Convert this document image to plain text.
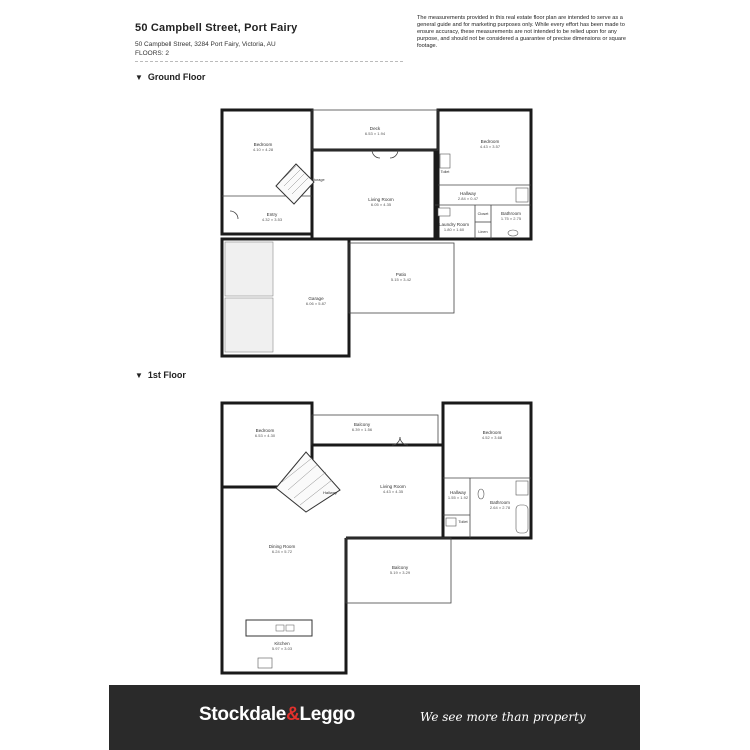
50 Campbell Street, Port Fairy
50 Campbell Street, 3284 Port Fairy, Victoria, AU
FLOORS: 2
The measurements provided in this real estate floor plan are intended to serve as a general guide and for marketing purposes only. While every effort has been made to ensure accuracy, these measurements are not intended to be relied upon for any purpose, and should not be considered a guarantee of precise dimensions or square footage.
▼ Ground Floor
▼ 1st Floor
Bedroom
4.10 × 4.28
Deck
6.53 × 1.94
Bedroom
4.43 × 3.57
Storage
Living Room
6.05 × 4.35
Toilet
Hallway
2.84 × 0.47
Entry
4.32 × 3.53
Closet	Bathroom
1.75 × 2.75
Laundry Room
1.80 × 1.60	Linen
Patio
5.15 × 3.42
Garage
6.06 × 5.87
Bedroom
6.53 × 4.30
Balcony
6.39 × 1.56
Bedroom
4.52 × 3.68
Hallway
Living Room
4.43 × 4.35	Hallway
1.55 × 1.92
Bathroom
2.64 × 2.78
Toilet
Dining Room
6.24 × 5.72
Balcony
5.19 × 3.29
Kitchen
5.97 × 3.03
Stockdale&Leggo	We see more than property
